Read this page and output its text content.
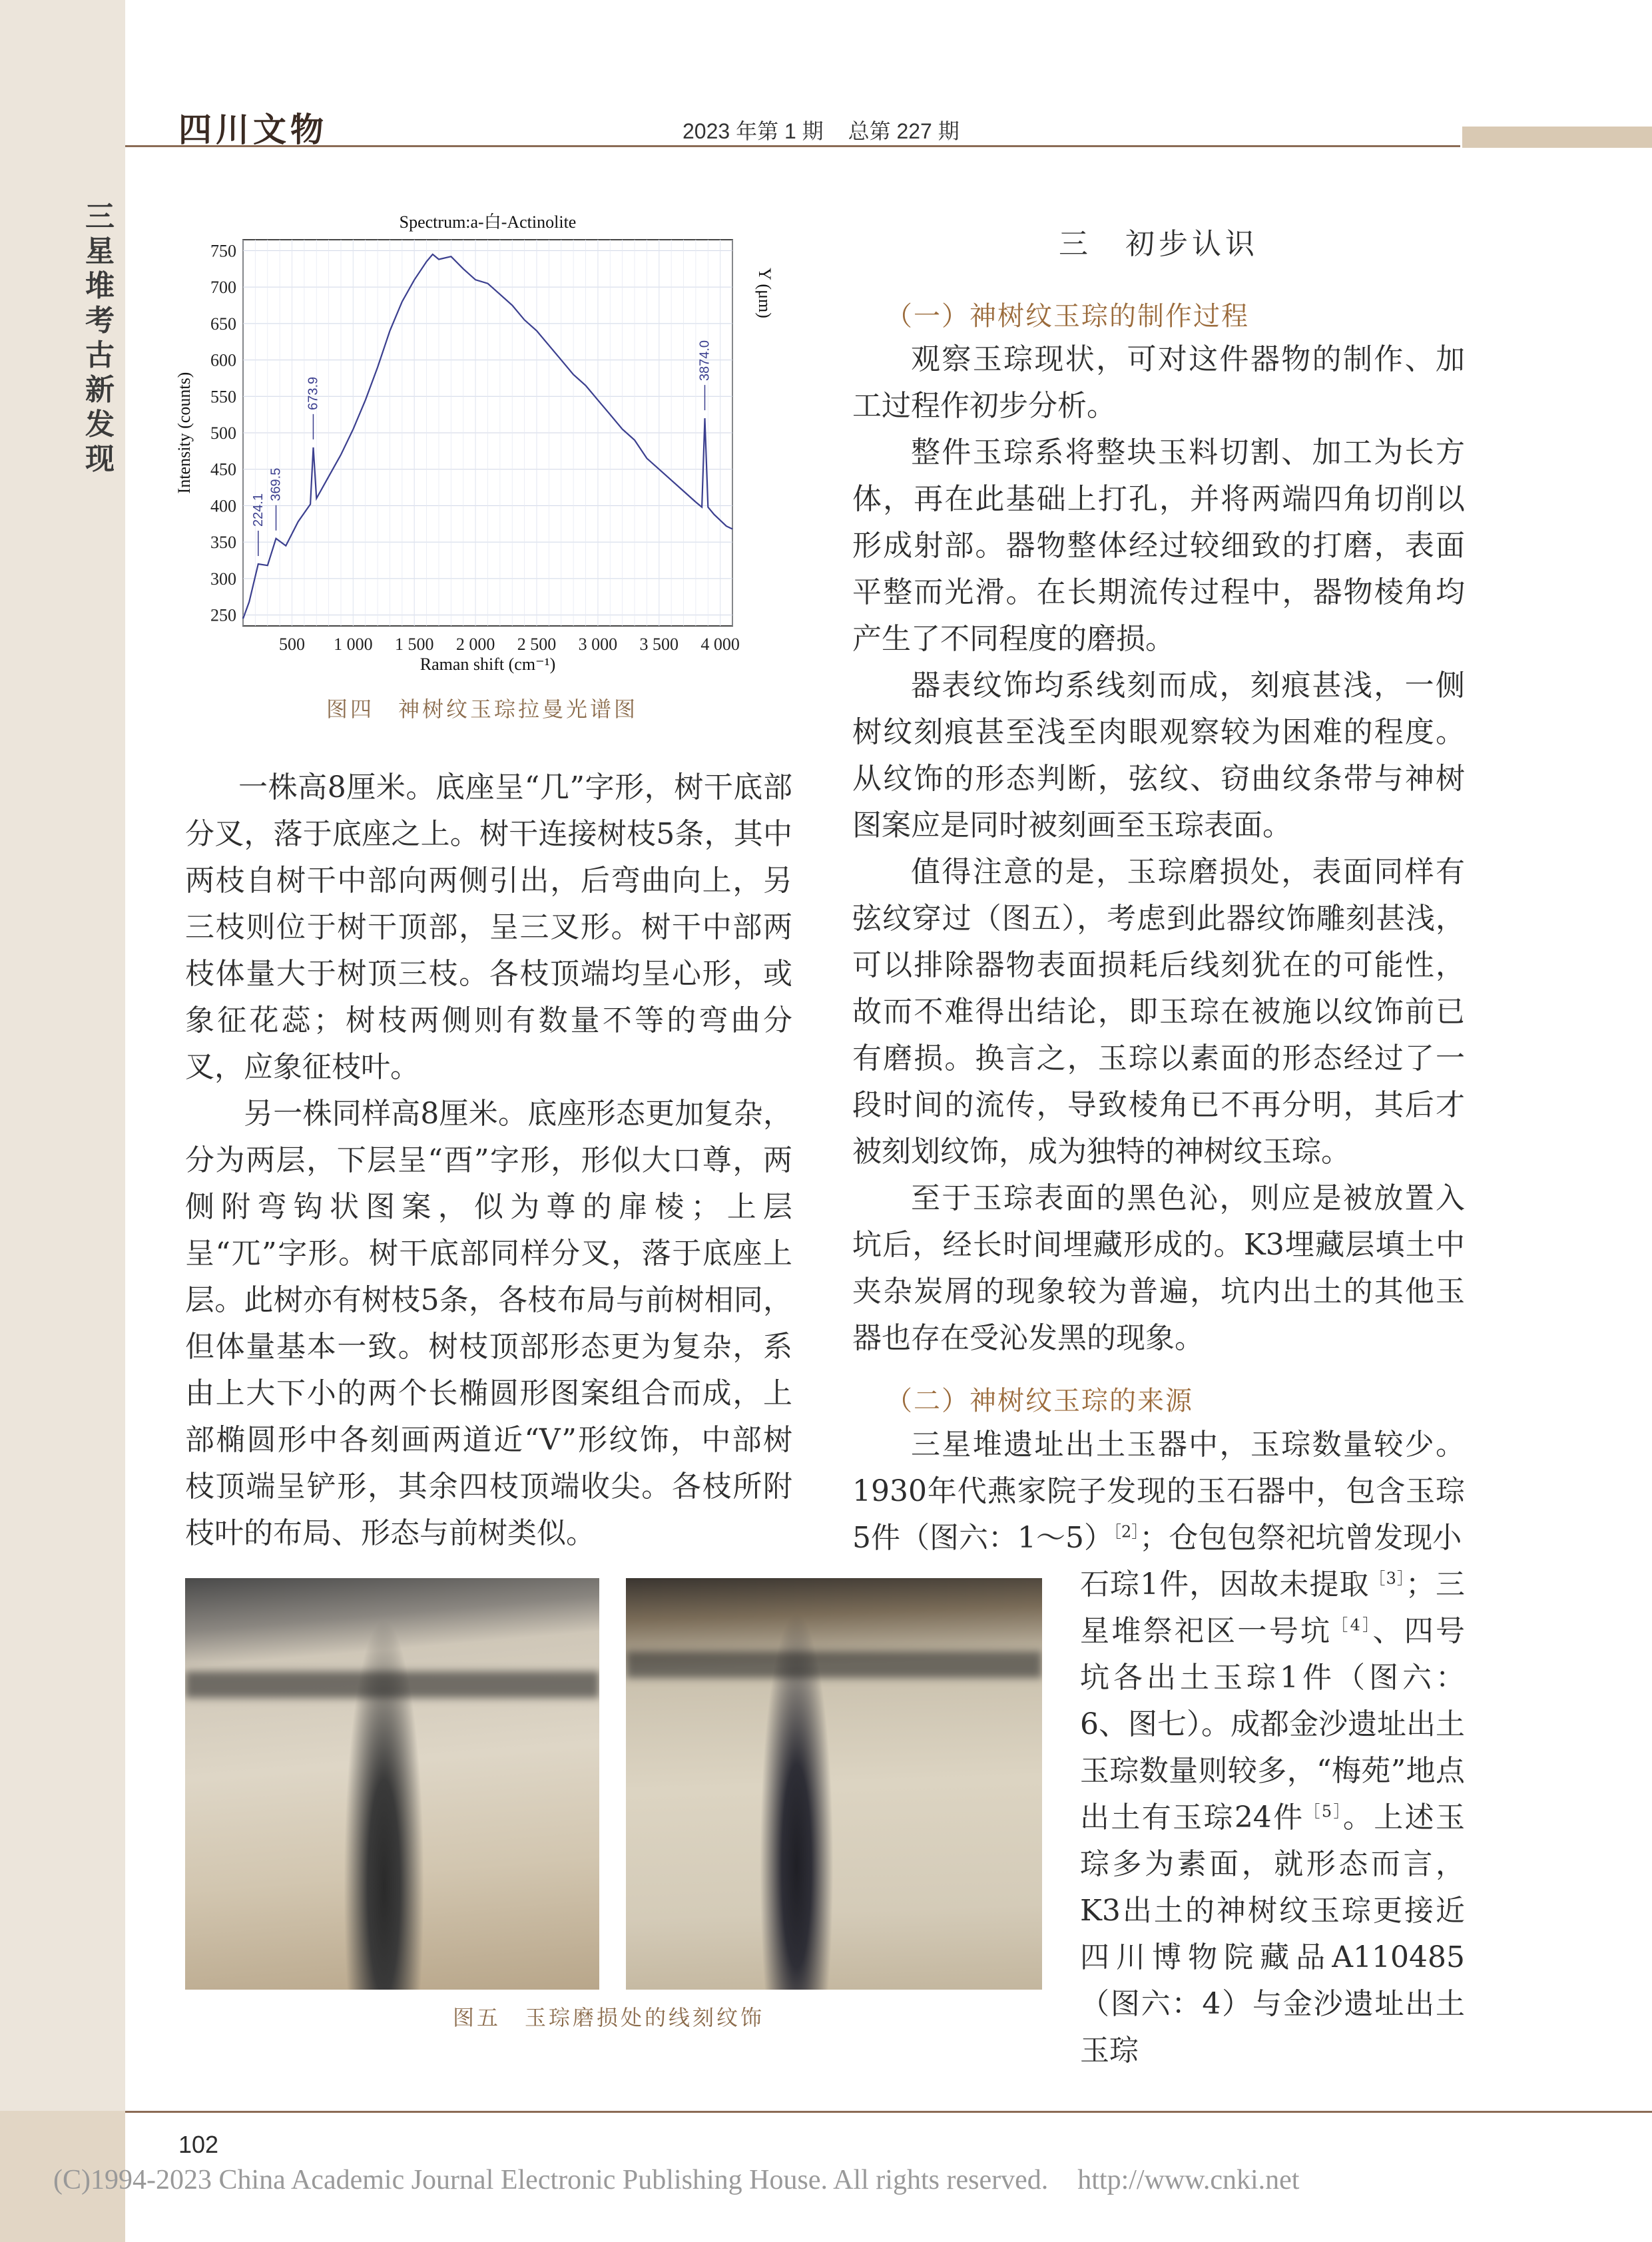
三星堆考古新发现
四川文物	2023 年第 1 期 总第 227 期
500 1 000 1 500 2 000 2 500 3 000 3 500 4 000
250
300
350
400
450
500
550
600
650
700
750
224.1
369.5
673.9
3874.0
Spectrum:a-白-Actinolite
Raman shift (cm⁻¹)
Intensity (counts)
Y (μm)
图四　神树纹玉琮拉曼光谱图

一株高8厘米。底座呈“几”字形，树干底部分叉，落于底座之上。树干连接树枝5条，其中两枝自树干中部向两侧引出，后弯曲向上，另三枝则位于树干顶部，呈三叉形。树干中部两枝体量大于树顶三枝。各枝顶端均呈心形，或象征花蕊；树枝两侧则有数量不等的弯曲分叉，应象征枝叶。

另一株同样高8厘米。底座形态更加复杂，分为两层，下层呈“酉”字形，形似大口尊，两侧附弯钩状图案，似为尊的扉棱；上层呈“兀”字形。树干底部同样分叉，落于底座上层。此树亦有树枝5条，各枝布局与前树相同，但体量基本一致。树枝顶部形态更为复杂，系由上大下小的两个长椭圆形图案组合而成，上部椭圆形中各刻画两道近“V”形纹饰，中部树枝顶端呈铲形，其余四枝顶端收尖。各枝所附枝叶的布局、形态与前树类似。

三　初步认识
（一）神树纹玉琮的制作过程

观察玉琮现状，可对这件器物的制作、加工过程作初步分析。

整件玉琮系将整块玉料切割、加工为长方体，再在此基础上打孔，并将两端四角切削以形成射部。器物整体经过较细致的打磨，表面平整而光滑。在长期流传过程中，器物棱角均产生了不同程度的磨损。

器表纹饰均系线刻而成，刻痕甚浅，一侧树纹刻痕甚至浅至肉眼观察较为困难的程度。从纹饰的形态判断，弦纹、窃曲纹条带与神树图案应是同时被刻画至玉琮表面。

值得注意的是，玉琮磨损处，表面同样有弦纹穿过（图五），考虑到此器纹饰雕刻甚浅，可以排除器物表面损耗后线刻犹在的可能性，故而不难得出结论，即玉琮在被施以纹饰前已有磨损。换言之，玉琮以素面的形态经过了一段时间的流传，导致棱角已不再分明，其后才被刻划纹饰，成为独特的神树纹玉琮。

至于玉琮表面的黑色沁，则应是被放置入坑后，经长时间埋藏形成的。K3埋藏层填土中夹杂炭屑的现象较为普遍，坑内出土的其他玉器也存在受沁发黑的现象。

（二）神树纹玉琮的来源

三星堆遗址出土玉器中，玉琮数量较少。1930年代燕家院子发现的玉石器中，包含玉琮5件（图六：1～5）$^{[2]}$；仓包包祭祀坑曾发现小

石琮1件，因故未提取$^{[3]}$；三星堆祭祀区一号坑$^{[4]}$、四号坑各出土玉琮1件（图六：6、图七）。成都金沙遗址出土玉琮数量则较多，“梅苑”地点出土有玉琮24件$^{[5]}$。上述玉琮多为素面，就形态而言，K3出土的神树纹玉琮更接近四川博物院藏品A110485（图六：4）与金沙遗址出土玉琮

图五　玉琮磨损处的线刻纹饰
102
(C)1994-2023 China Academic Journal Electronic Publishing House. All rights reserved. http://www.cnki.net
